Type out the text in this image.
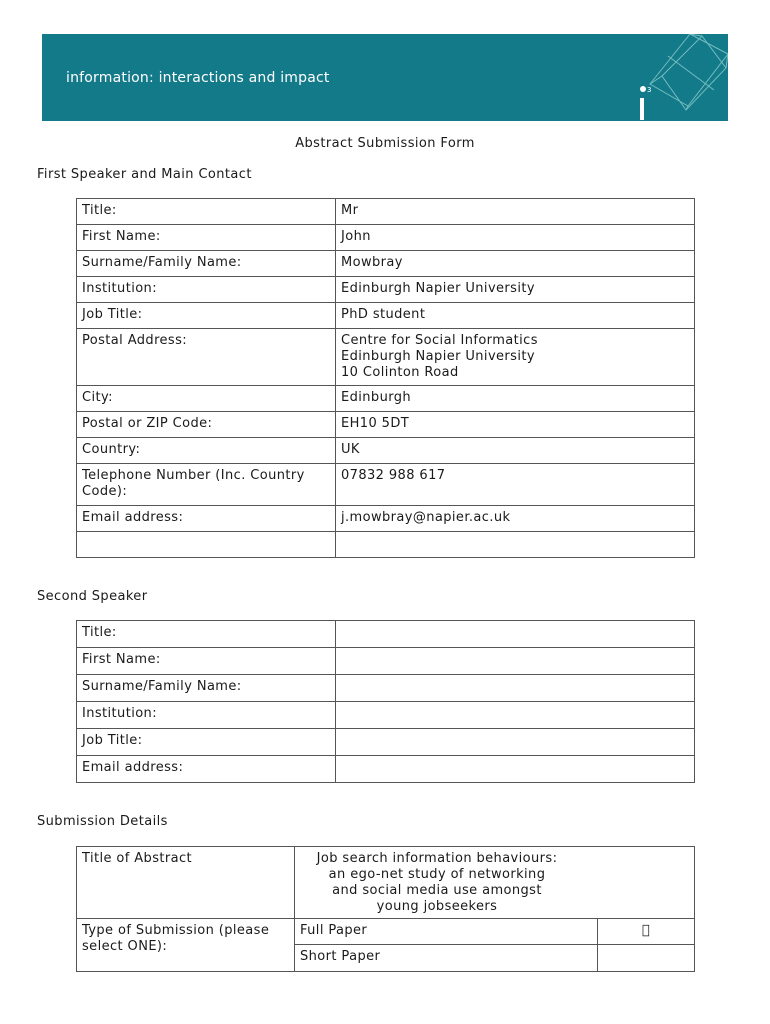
information: interactions and impact
3
Abstract Submission Form
First Speaker and Main Contact
Title:	Mr
First Name:	John
Surname/Family Name:	Mowbray
Institution:	Edinburgh Napier University
Job Title:	PhD student
Postal Address:	Centre for Social Informatics
Edinburgh Napier University
10 Colinton Road
City:	Edinburgh
Postal or ZIP Code:	EH10 5DT
Country:	UK
Telephone Number (Inc. Country Code):	07832 988 617
Email address:	j.mowbray@napier.ac.uk

Second Speaker
Title:	
First Name:	
Surname/Family Name:	
Institution:	
Job Title:	
Email address:	
Submission Details
Title of Abstract	Job search information behaviours:
an ego-net study of networking
and social media use amongst
young jobseekers	

Type of Submission (please select ONE):	Full Paper	
	Short Paper	
